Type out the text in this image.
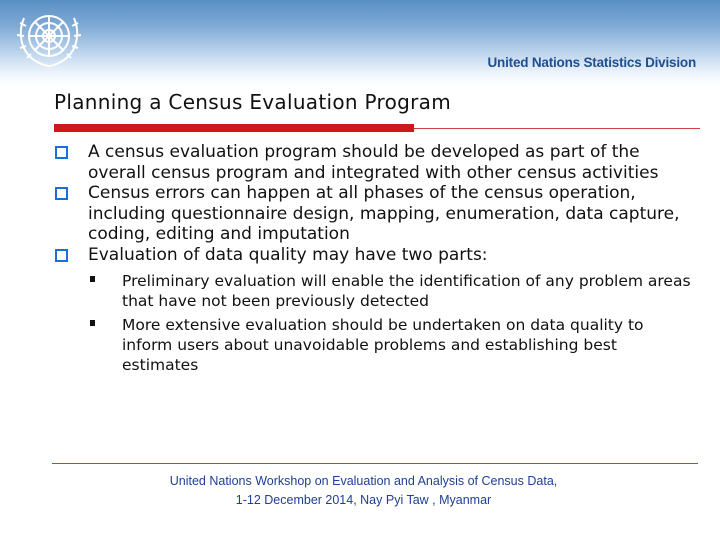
United Nations Statistics Division
Planning a Census Evaluation Program
A census evaluation program should be developed as part of the overall census program and integrated with other census activities
Census errors can happen at all phases of the census operation, including questionnaire design, mapping, enumeration, data capture, coding, editing and imputation
Evaluation of data quality may have two parts:
Preliminary evaluation will enable the identification of any problem areas that have not been previously detected
More extensive evaluation should be undertaken on data quality to inform users about unavoidable problems and establishing best estimates
United Nations Workshop on Evaluation and Analysis of Census Data,
1-12 December 2014, Nay Pyi Taw , Myanmar
